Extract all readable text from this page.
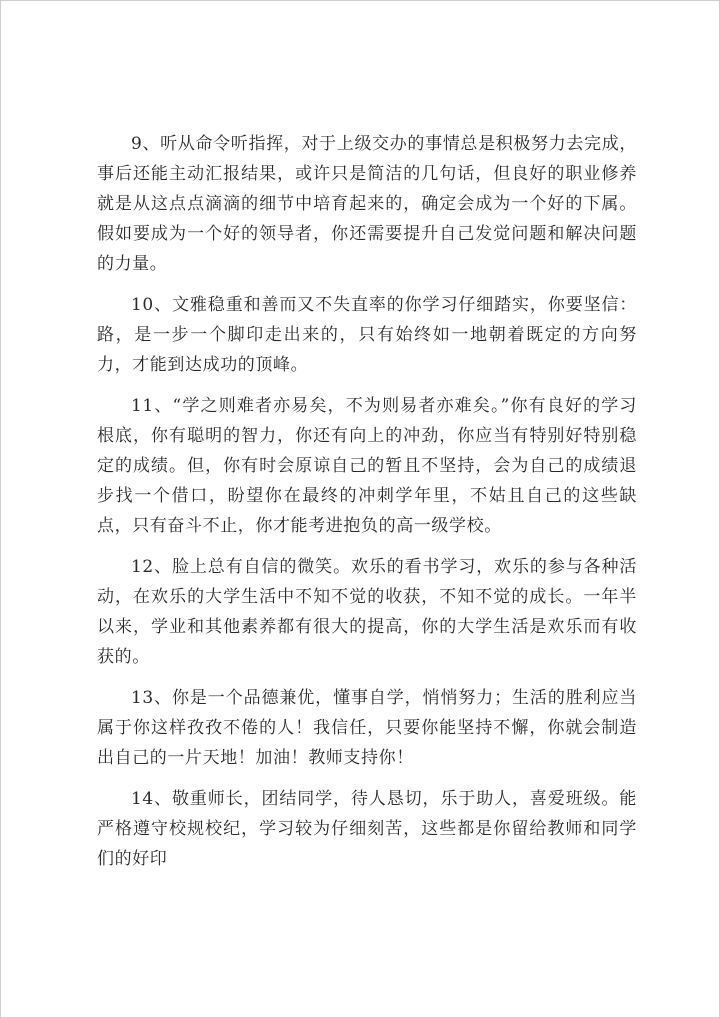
9、听从命令听指挥，对于上级交办的事情总是积极努力去完成，事后还能主动汇报结果，或许只是简洁的几句话，但良好的职业修养就是从这点点滴滴的细节中培育起来的，确定会成为一个好的下属。假如要成为一个好的领导者，你还需要提升自己发觉问题和解决问题的力量。

10、文雅稳重和善而又不失直率的你学习仔细踏实，你要坚信：路，是一步一个脚印走出来的，只有始终如一地朝着既定的方向努力，才能到达成功的顶峰。

11、“学之则难者亦易矣，不为则易者亦难矣。”你有良好的学习根底，你有聪明的智力，你还有向上的冲劲，你应当有特别好特别稳定的成绩。但，你有时会原谅自己的暂且不坚持，会为自己的成绩退步找一个借口，盼望你在最终的冲刺学年里，不姑且自己的这些缺点，只有奋斗不止，你才能考进抱负的高一级学校。

12、脸上总有自信的微笑。欢乐的看书学习，欢乐的参与各种活动，在欢乐的大学生活中不知不觉的收获，不知不觉的成长。一年半以来，学业和其他素养都有很大的提高，你的大学生活是欢乐而有收获的。

13、你是一个品德兼优，懂事自学，悄悄努力；生活的胜利应当属于你这样孜孜不倦的人！我信任，只要你能坚持不懈，你就会制造出自己的一片天地！加油！教师支持你！

14、敬重师长，团结同学，待人恳切，乐于助人，喜爱班级。能严格遵守校规校纪，学习较为仔细刻苦，这些都是你留给教师和同学们的好印
